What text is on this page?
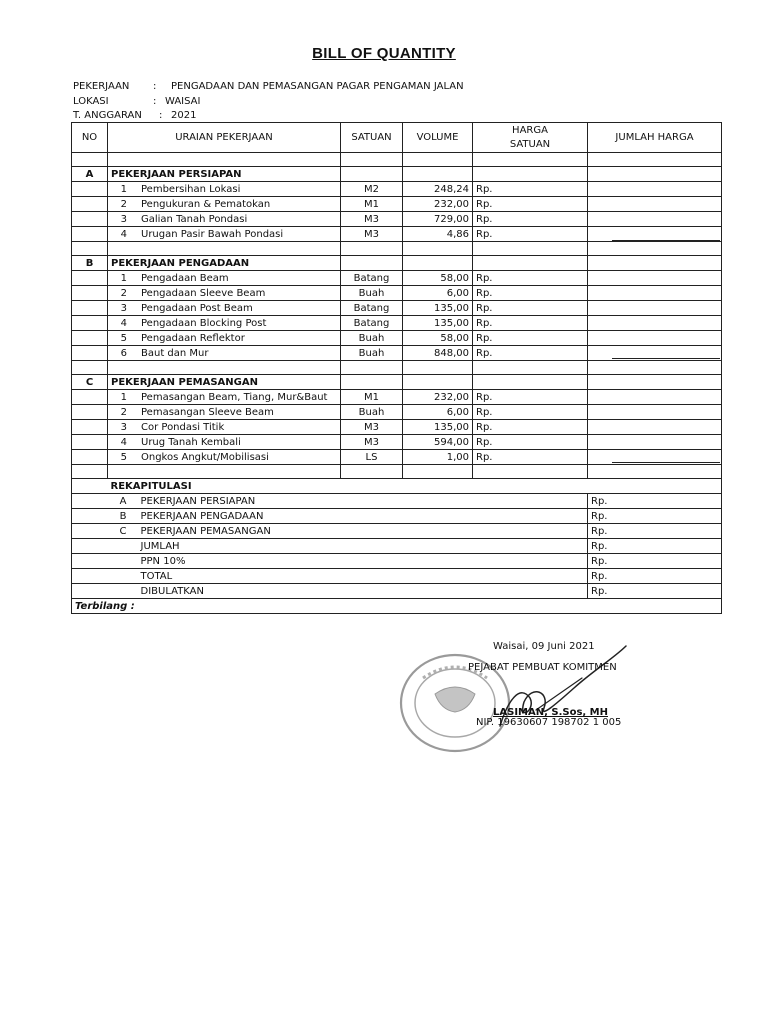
BILL OF QUANTITY
PEKERJAAN : PENGADAAN DAN PEMASANGAN PAGAR PENGAMAN JALAN
LOKASI	: WAISAI
T. ANGGARAN : 2021
NO	URAIAN PEKERJAAN	SATUAN	VOLUME	HARGA
SATUAN	JUMLAH HARGA

A	PEKERJAAN PERSIAPAN				
	1 Pembersihan Lokasi	M2	248,24	Rp.	
	2 Pengukuran & Pematokan	M1	232,00	Rp.	
	3 Galian Tanah Pondasi	M3	729,00	Rp.	
	4 Urugan Pasir Bawah Pondasi	M3	4,86	Rp.	

B	PEKERJAAN PENGADAAN				
	1 Pengadaan Beam	Batang	58,00	Rp.	
	2 Pengadaan Sleeve Beam	Buah	6,00	Rp.	
	3 Pengadaan Post Beam	Batang	135,00	Rp.	
	4 Pengadaan Blocking Post	Batang	135,00	Rp.	
	5 Pengadaan Reflektor	Buah	58,00	Rp.	
	6 Baut dan Mur	Buah	848,00	Rp.	

C	PEKERJAAN PEMASANGAN				
	1 Pemasangan Beam, Tiang, Mur&Baut	M1	232,00	Rp.	
	2 Pemasangan Sleeve Beam	Buah	6,00	Rp.	
	3 Cor Pondasi Titik	M3	135,00	Rp.	
	4 Urug Tanah Kembali	M3	594,00	Rp.	
	5 Ongkos Angkut/Mobilisasi	LS	1,00	Rp.	

	REKAPITULASI				
	A PEKERJAAN PERSIAPAN				Rp.
	B PEKERJAAN PENGADAAN				Rp.
	C PEKERJAAN PEMASANGAN				Rp.
	JUMLAH				Rp.
	PPN 10%				Rp.
	TOTAL				Rp.
	DIBULATKAN				Rp.
Terbilang :					
Waisai, 09 Juni 2021
PEJABAT PEMBUAT KOMITMEN
LASIMAN, S.Sos, MH
NIP. 19630607 198702 1 005
